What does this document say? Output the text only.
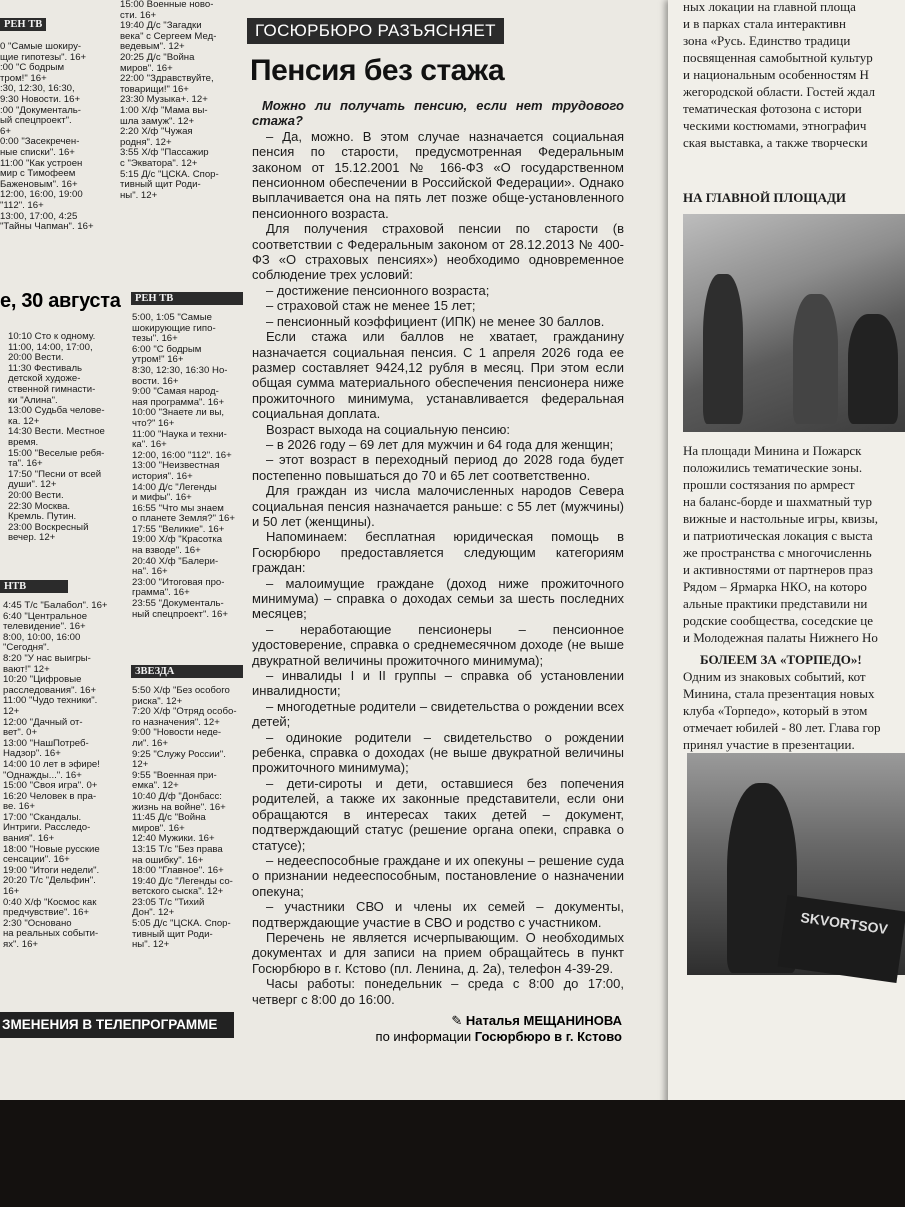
РЕН ТВ
0 "Самые шокиру-
щие гипотезы". 16+
:00 "С бодрым
тром!" 16+
:30, 12:30, 16:30,
9:30 Новости. 16+
:00 "Документаль-
ый спецпроект".
6+
0:00 "Засекречен-
ные списки". 16+
11:00 "Как устроен
мир с Тимофеем
Баженовым". 16+
12:00, 16:00, 19:00
"112". 16+
13:00, 17:00, 4:25
"Тайны Чапман". 16+
15:00 Военные ново-
сти. 16+
19:40 Д/с "Загадки
века" с Сергеем Мед-
ведевым". 12+
20:25 Д/с "Война
миров". 16+
22:00 "Здравствуйте,
товарищи!" 16+
23:30 Музыка+. 12+
1:00 Х/ф "Мама вы-
шла замуж". 12+
2:20 Х/ф "Чужая
родня". 12+
3:55 Х/ф "Пассажир
с "Экватора". 12+
5:15 Д/с "ЦСКА. Спор-
тивный щит Роди-
ны". 12+
е, 30 августа
10:10 Сто к одному.
11:00, 14:00, 17:00,
20:00 Вести.
11:30 Фестиваль
детской художе-
ственной гимнасти-
ки "Алина".
13:00 Судьба челове-
ка. 12+
14:30 Вести. Местное
время.
15:00 "Веселые ребя-
та". 16+
17:50 "Песни от всей
души". 12+
20:00 Вести.
22:30 Москва.
Кремль. Путин.
23:00 Воскресный
вечер. 12+
НТВ
4:45 Т/с "Балабол". 16+
6:40 "Центральное
телевидение". 16+
8:00, 10:00, 16:00
"Сегодня".
8:20 "У нас выигры-
вают!" 12+
10:20 "Цифровые
расследования". 16+
11:00 "Чудо техники".
12+
12:00 "Дачный от-
вет". 0+
13:00 "НашПотреб-
Надзор". 16+
14:00 10 лет в эфире!
"Однажды...". 16+
15:00 "Своя игра". 0+
16:20 Человек в пра-
ве. 16+
17:00 "Скандалы.
Интриги. Расследо-
вания". 16+
18:00 "Новые русские
сенсации". 16+
19:00 "Итоги недели".
20:20 Т/с "Дельфин".
16+
0:40 Х/ф "Космос как
предчувствие". 16+
2:30 "Основано
на реальных событи-
ях". 16+
РЕН ТВ
5:00, 1:05 "Самые
шокирующие гипо-
тезы". 16+
6:00 "С бодрым
утром!" 16+
8:30, 12:30, 16:30 Но-
вости. 16+
9:00 "Самая народ-
ная программа". 16+
10:00 "Знаете ли вы,
что?" 16+
11:00 "Наука и техни-
ка". 16+
12:00, 16:00 "112". 16+
13:00 "Неизвестная
история". 16+
14:00 Д/с "Легенды
и мифы". 16+
16:55 "Что мы знаем
о планете Земля?" 16+
17:55 "Великие". 16+
19:00 Х/ф "Красотка
на взводе". 16+
20:40 Х/ф "Балери-
на". 16+
23:00 "Итоговая про-
грамма". 16+
23:55 "Документаль-
ный спецпроект". 16+
ЗВЕЗДА
5:50 Х/ф "Без особого
риска". 12+
7:20 Х/ф "Отряд особо-
го назначения". 12+
9:00 "Новости неде-
ли". 16+
9:25 "Служу России".
12+
9:55 "Военная при-
емка". 12+
10:40 Д/ф "Донбасс:
жизнь на войне". 16+
11:45 Д/с "Война
миров". 16+
12:40 Мужики. 16+
13:15 Т/с "Без права
на ошибку". 16+
18:00 "Главное". 16+
19:40 Д/с "Легенды со-
ветского сыска". 12+
23:05 Т/с "Тихий
Дон". 12+
5:05 Д/с "ЦСКА. Спор-
тивный щит Роди-
ны". 12+
ЗМЕНЕНИЯ В ТЕЛЕПРОГРАММЕ
ГОСЮРБЮРО РАЗЪЯСНЯЕТ
Пенсия без стажа

Можно ли получать пенсию, если нет трудового стажа?

– Да, можно. В этом случае назначается социальная пенсия по старости, предусмотренная Федеральным законом от 15.12.2001 № 166-ФЗ «О государственном пенсионном обеспечении в Российской Федерации». Однако выплачивается она на пять лет позже обще-установленного пенсионного возраста.

Для получения страховой пенсии по старости (в соответствии с Федеральным законом от 28.12.2013 № 400-ФЗ «О страховых пенсиях») необходимо одновременное соблюдение трех условий:

– достижение пенсионного возраста;

– страховой стаж не менее 15 лет;

– пенсионный коэффициент (ИПК) не менее 30 баллов.

Если стажа или баллов не хватает, гражданину назначается социальная пенсия. С 1 апреля 2026 года ее размер составляет 9424,12 рубля в месяц. При этом если общая сумма материального обеспечения пенсионера ниже прожиточного минимума, устанавливается федеральная социальная доплата.

Возраст выхода на социальную пенсию:

– в 2026 году – 69 лет для мужчин и 64 года для женщин;

– этот возраст в переходный период до 2028 года будет постепенно повышаться до 70 и 65 лет соответственно.

Для граждан из числа малочисленных народов Севера социальная пенсия назначается раньше: с 55 лет (мужчины) и 50 лет (женщины).

Напоминаем: бесплатная юридическая помощь в Госюрбюро предоставляется следующим категориям граждан:

– малоимущие граждане (доход ниже прожиточного минимума) – справка о доходах семьи за шесть последних месяцев;

– неработающие пенсионеры – пенсионное удостоверение, справка о среднемесячном доходе (не выше двукратной величины прожиточного минимума);

– инвалиды I и II группы – справка об установлении инвалидности;

– многодетные родители – свидетельства о рождении всех детей;

– одинокие родители – свидетельство о рождении ребенка, справка о доходах (не выше двукратной величины прожиточного минимума);

– дети-сироты и дети, оставшиеся без попечения родителей, а также их законные представители, если они обращаются в интересах таких детей – документ, подтверждающий статус (решение органа опеки, справка о статусе);

– недееспособные граждане и их опекуны – решение суда о признании недееспособным, постановление о назначении опекуна;

– участники СВО и члены их семей – документы, подтверждающие участие в СВО и родство с участником.

Перечень не является исчерпывающим. О необходимых документах и для записи на прием обращайтесь в пункт Госюрбюро в г. Кстово (пл. Ленина, д. 2а), телефон 4-39-29.

Часы работы: понедельник – среда с 8:00 до 17:00, четверг с 8:00 до 16:00.

✎ Наталья МЕЩАНИНОВА
по информации Госюрбюро в г. Кстово
ных локации на главной площа
и в парках стала интерактивн
зона «Русь. Единство традици
посвященная самобытной культур
и национальным особенностям Н
жегородской области. Гостей ждал
тематическая фотозона с истори
ческими костюмами, этнографич
ская выставка, а также творчески
НА ГЛАВНОЙ ПЛОЩАДИ
На площади Минина и Пожарск
положились тематические зоны.
прошли состязания по армрест
на баланс-борде и шахматный тур
вижные и настольные игры, квизы,
и патриотическая локация с выста
же пространства с многочисленнь
и активностями от партнеров праз
Рядом – Ярмарка НКО, на которо
альные практики представили ни
родские сообщества, соседские це
и Молодежная палаты Нижнего Но
БОЛЕЕМ ЗА «ТОРПЕДО»!
Одним из знаковых событий, кот
Минина, стала презентация новых
клуба «Торпедо», который в этом
отмечает юбилей - 80 лет. Глава гор
принял участие в презентации.
SKVORTSOV
